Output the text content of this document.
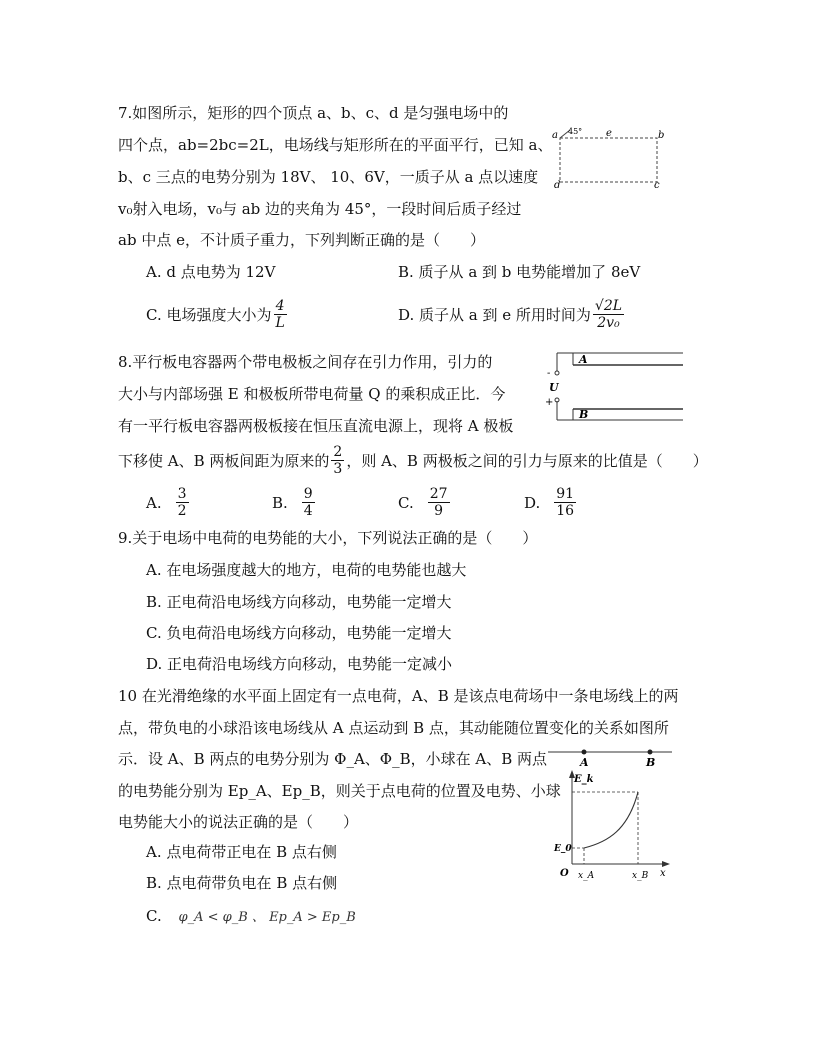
7.如图所示，矩形的四个顶点 a、b、c、d 是匀强电场中的
四个点，ab=2bc=2L，电场线与矩形所在的平面平行，已知 a、
b、c 三点的电势分别为 18V、 10、6V，一质子从 a 点以速度
v₀射入电场，v₀与 ab 边的夹角为 45°，一段时间后质子经过
ab 中点 e，不计质子重力，下列判断正确的是（　　）
a 45° e	b
d	c
A. d 点电势为 12V	B. 质子从 a 到 b 电势能增加了 8eV
C. 电场强度大小为 $\frac{4}{L}$	D. 质子从 a 到 e 所用时间为 $\frac{√2L}{\text{2v₀}}$
8.平行板电容器两个带电极板之间存在引力作用，引力的
大小与内部场强 E 和极板所带电荷量 Q 的乘积成正比．今
有一平行板电容器两极板接在恒压直流电源上，现将 A 极板
下移使 A、B 两板间距为原来的 $\frac{2}{3}$ ，则 A、B 两极板之间的引力与原来的比值是（　　）
-
A
U
+
B
A. $\frac{3}{2}$	B. $\frac{9}{4}$	C. $\frac{27}{9}$	D. $\frac{91}{16}$
9.关于电场中电荷的电势能的大小，下列说法正确的是（　　）
A. 在电场强度越大的地方，电荷的电势能也越大
B. 正电荷沿电场线方向移动，电势能一定增大
C. 负电荷沿电场线方向移动，电势能一定增大
D. 正电荷沿电场线方向移动，电势能一定减小
10 在光滑绝缘的水平面上固定有一点电荷，A、B 是该点电荷场中一条电场线上的两
点，带负电的小球沿该电场线从 A 点运动到 B 点，其动能随位置变化的关系如图所
示．设 A、B 两点的电势分别为 Φ_A、Φ_B，小球在 A、B 两点
的电势能分别为 Ep_A、Ep_B，则关于点电荷的位置及电势、小球
电势能大小的说法正确的是（　　）
A	B
E_k
E_0
O x_A	x_B x
A. 点电荷带正电在 B 点右侧
B. 点电荷带负电在 B 点右侧
C. φ_A < φ_B 、 Ep_A > Ep_B
